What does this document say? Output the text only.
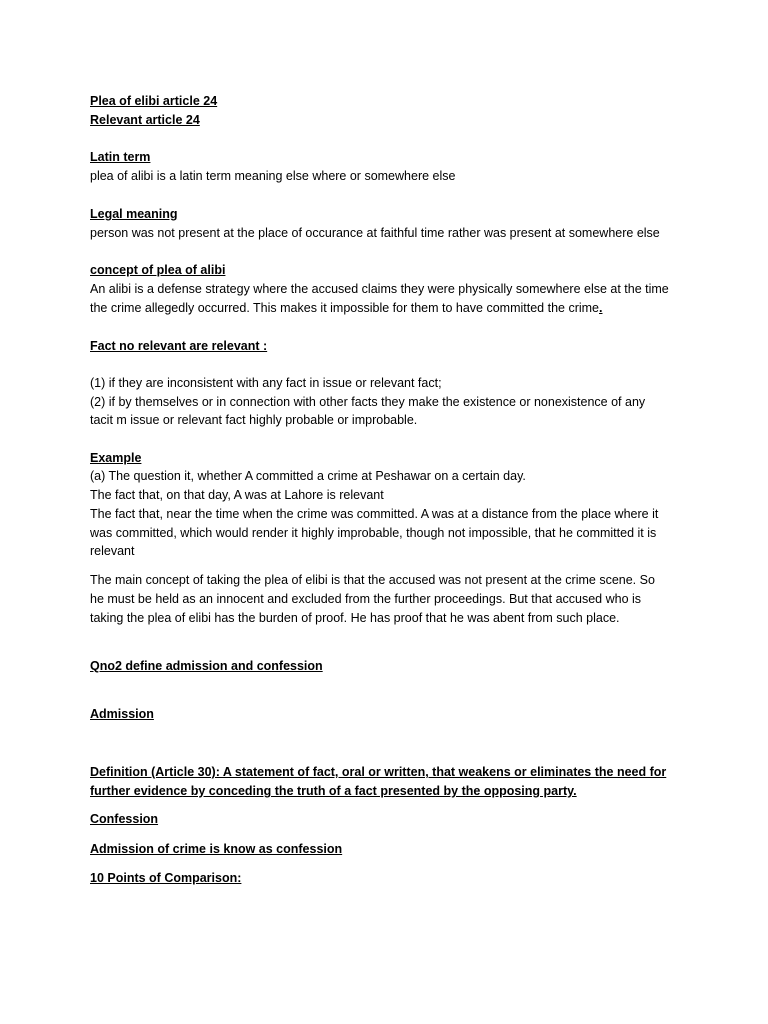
Plea of elibi article 24
Relevant article 24
Latin term
plea of alibi is a latin term meaning else where or somewhere else
Legal meaning
person was not present at the place of occurance at faithful time rather was present at somewhere else
concept of plea of alibi
An alibi is a defense strategy where the accused claims they were physically somewhere else at the time
the crime allegedly occurred. This makes it impossible for them to have committed the crime.
Fact no relevant are relevant :
(1) if they are inconsistent with any fact in issue or relevant fact;
(2) if by themselves or in connection with other facts they make the existence or nonexistence of any
tacit m issue or relevant fact highly probable or improbable.
Example
(a) The question it, whether A committed a crime at Peshawar on a certain day.
The fact that, on that day, A was at Lahore is relevant
The fact that, near the time when the crime was committed. A was at a distance from the place where it
was committed, which would render it highly improbable, though not impossible, that he committed it is
relevant
The main concept of taking the plea of elibi is that the accused was not present at the crime scene. So
he must be held as an innocent and excluded from the further proceedings. But that accused who is
taking the plea of elibi has the burden of proof. He has proof that he was abent from such place.
Qno2 define admission and confession
Admission
Definition (Article 30): A statement of fact, oral or written, that weakens or eliminates the need for
further evidence by conceding the truth of a fact presented by the opposing party.
Confession
Admission of crime is know as confession
10 Points of Comparison:
